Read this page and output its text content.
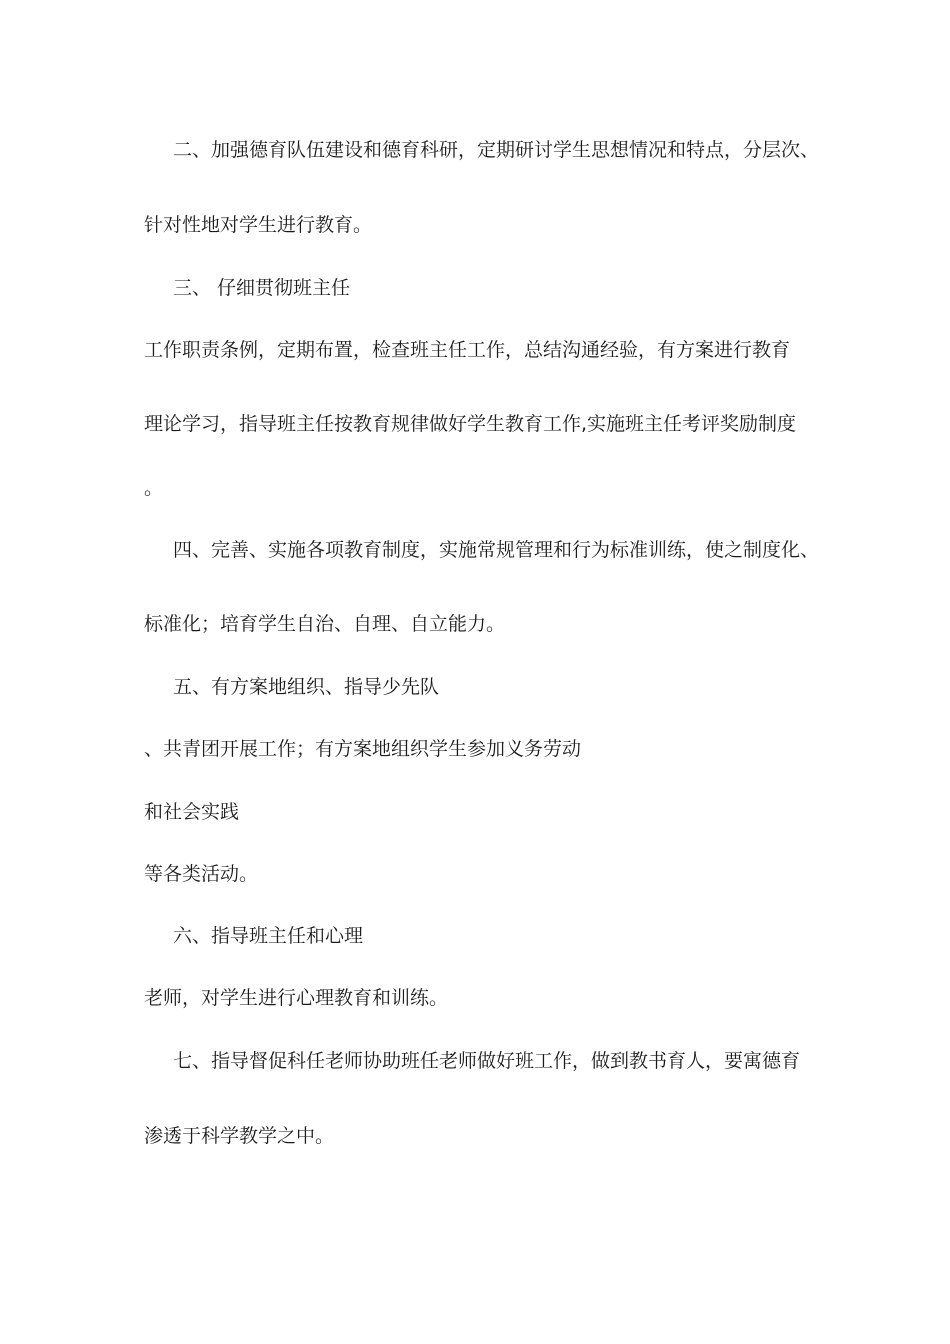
二、加强德育队伍建设和德育科研，定期研讨学生思想情况和特点，分层次、
针对性地对学生进行教育。
三、 仔细贯彻班主任
工作职责条例，定期布置，检查班主任工作，总结沟通经验，有方案进行教育
理论学习，指导班主任按教育规律做好学生教育工作,实施班主任考评奖励制度
。
四、完善、实施各项教育制度，实施常规管理和行为标准训练，使之制度化、
标准化；培育学生自治、自理、自立能力。
五、有方案地组织、指导少先队
、共青团开展工作；有方案地组织学生参加义务劳动
和社会实践
等各类活动。
六、指导班主任和心理
老师，对学生进行心理教育和训练。
七、指导督促科任老师协助班任老师做好班工作，做到教书育人，要寓德育
渗透于科学教学之中。
